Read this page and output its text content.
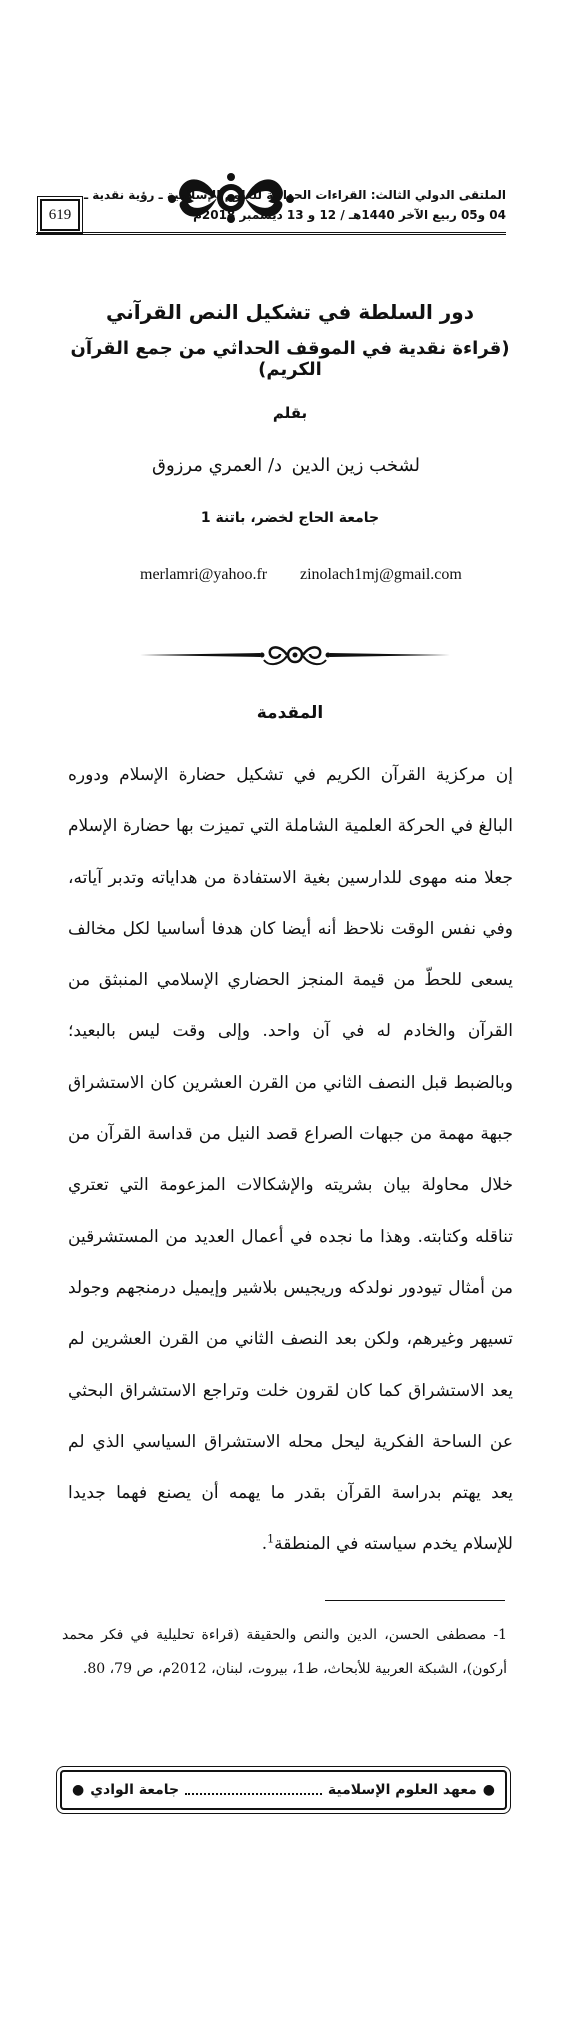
619
الملتقى الدولي الثالث: القراءات الحداثية للعلوم الإسلامية ـ رؤية نقدية ـ
04 و05 ربيع الآخر 1440هـ / 12 و 13 ديسمبر 2018م
دور السلطة في تشكيل النص القرآني
(قراءة نقدية في الموقف الحداثي من جمع القرآن الكريم)
بقلم
لشخب زين الدين
د/ العمري مرزوق
جامعة الحاج لخضر، باتنة 1
zinolach1mj@gmail.com
merlamri@yahoo.fr
المقدمة

إن مركزية القرآن الكريم في تشكيل حضارة الإسلام ودوره البالغ في الحركة العلمية الشاملة التي تميزت بها حضارة الإسلام جعلا منه مهوى للدارسين بغية الاستفادة من هداياته وتدبر آياته، وفي نفس الوقت نلاحظ أنه أيضا كان هدفا أساسيا لكل مخالف يسعى للحطّ من قيمة المنجز الحضاري الإسلامي المنبثق من القرآن والخادم له في آن واحد. وإلى وقت ليس بالبعيد؛ وبالضبط قبل النصف الثاني من القرن العشرين كان الاستشراق جبهة مهمة من جبهات الصراع قصد النيل من قداسة القرآن من خلال محاولة بيان بشريته والإشكالات المزعومة التي تعتري تناقله وكتابته. وهذا ما نجده في أعمال العديد من المستشرقين من أمثال تيودور نولدكه وريجيس بلاشير وإيميل درمنجهم وجولد تسيهر وغيرهم، ولكن بعد النصف الثاني من القرن العشرين لم يعد الاستشراق كما كان لقرون خلت وتراجع الاستشراق البحثي عن الساحة الفكرية ليحل محله الاستشراق السياسي الذي لم يعد يهتم بدراسة القرآن بقدر ما يهمه أن يصنع فهما جديدا للإسلام يخدم سياسته في المنطقة$^1$.

1- مصطفى الحسن، الدين والنص والحقيقة (قراءة تحليلية في فكر محمد أركون)، الشبكة العربية للأبحاث، ط1، بيروت، لبنان، 2012م، ص 79، 80.
●
معهد العلوم الإسلامية
جامعة الوادي
●
